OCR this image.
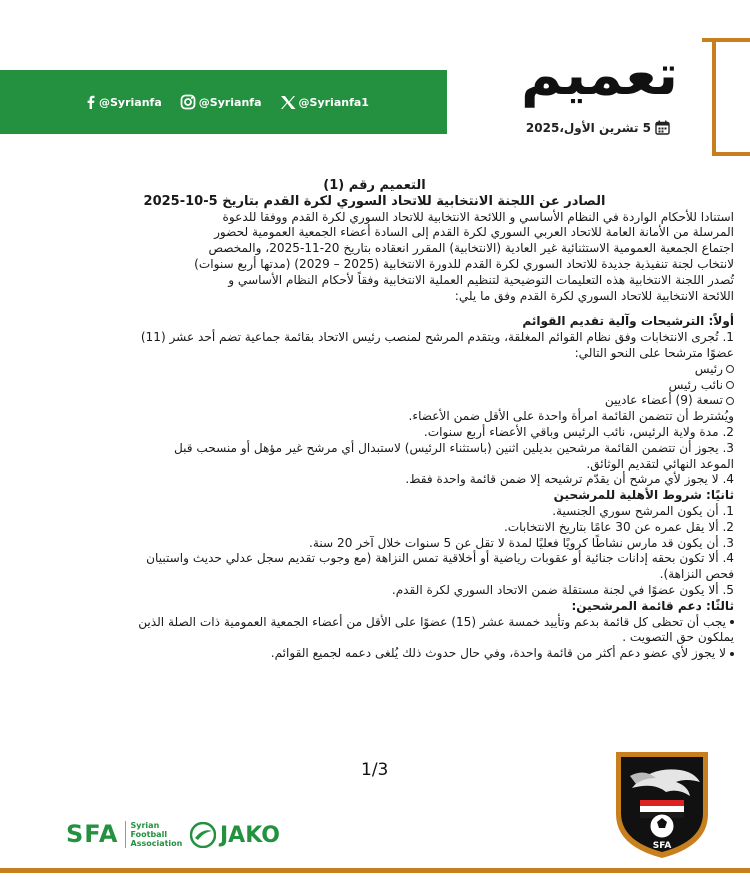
@Syrianfa	@Syrianfa	@Syrianfa1	تعميم
5 تشرين الأول،2025

التعميم رقم (1)

الصادر عن اللجنة الانتخابية للاتحاد السوري لكرة القدم بتاريخ 5-10-2025

استنادا للأحكام الواردة في النظام الأساسي و اللائحة الانتخابية للاتحاد السوري لكرة القدم ووفقا للدعوة

المرسلة من الأمانة العامة للاتحاد العربي السوري لكرة القدم إلى السادة أعضاء الجمعية العمومية لحضور

اجتماع الجمعية العمومية الاستثنائية غير العادية (الانتخابية) المقرر انعقاده بتاريخ 20-11-2025، والمخصص

لانتخاب لجنة تنفيذية جديدة للاتحاد السوري لكرة القدم للدورة الانتخابية (2025 – 2029) (مدتها أربع سنوات)

تُصدر اللجنة الانتخابية هذه التعليمات التوضيحية لتنظيم العملية الانتخابية وفقاً لأحكام النظام الأساسي و

اللائحة الانتخابية للاتحاد السوري لكرة القدم وفق ما يلي:

أولاً: الترشيحات وآلية تقديم القوائم

1. تُجرى الانتخابات وفق نظام القوائم المغلقة، ويتقدم المرشح لمنصب رئيس الاتحاد بقائمة جماعية تضم أحد عشر (11)

عضوًا مترشحا على النحو التالي:

رئيس

نائب رئيس

تسعة (9) أعضاء عاديين

ويُشترط أن تتضمن القائمة امرأة واحدة على الأقل ضمن الأعضاء.

2. مدة ولاية الرئيس، نائب الرئيس وباقي الأعضاء أربع سنوات.

3. يجوز أن تتضمن القائمة مرشحين بديلين اثنين (باستثناء الرئيس) لاستبدال أي مرشح غير مؤهل أو منسحب قبل

الموعد النهائي لتقديم الوثائق.

4. لا يجوز لأي مرشح أن يقدّم ترشيحه إلا ضمن قائمة واحدة فقط.

ثانيًا: شروط الأهلية للمرشحين

1. أن يكون المرشح سوري الجنسية.

2. ألا يقل عمره عن 30 عامًا بتاريخ الانتخابات.

3. أن يكون قد مارس نشاطًا كرويًا فعليًا لمدة لا تقل عن 5 سنوات خلال آخر 20 سنة.

4. ألا تكون بحقه إدانات جنائية أو عقوبات رياضية أو أخلاقية تمس النزاهة (مع وجوب تقديم سجل عدلي حديث واستبيان

فحص النزاهة).

5. ألا يكون عضوًا في لجنة مستقلة ضمن الاتحاد السوري لكرة القدم.

ثالثًا: دعم قائمة المرشحين:

يجب أن تحظى كل قائمة بدعم وتأييد خمسة عشر (15) عضوًا على الأقل من أعضاء الجمعية العمومية ذات الصلة الذين

يملكون حق التصويت .

لا يجوز لأي عضو دعم أكثر من قائمة واحدة، وفي حال حدوث ذلك يُلغى دعمه لجميع القوائم.

1/3
SFA	Syrian
Football
Association JAKO	SFA
